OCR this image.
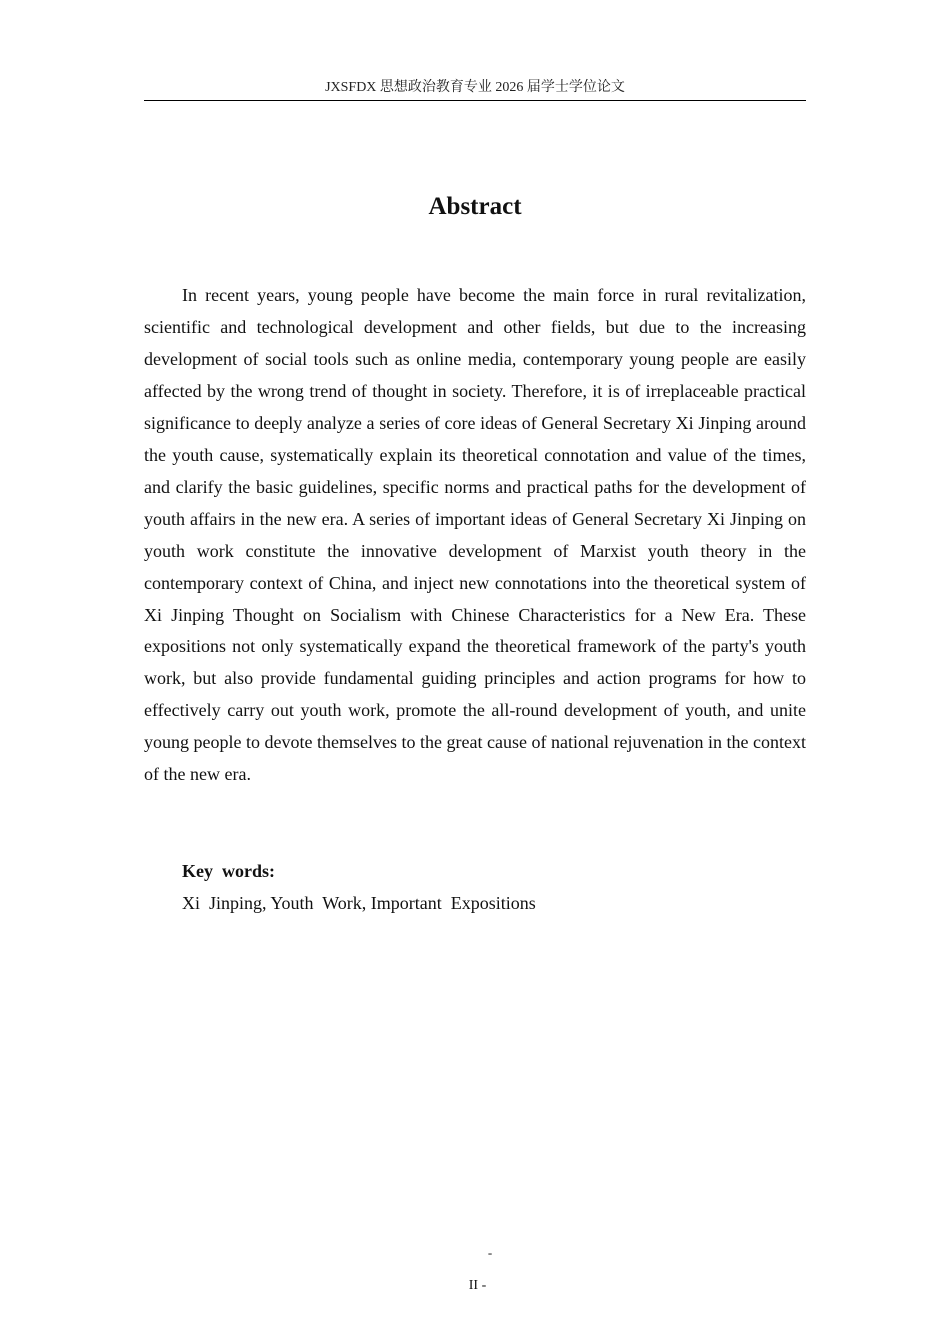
JXSFDX 思想政治教育专业 2026 届学士学位论文
Abstract

In recent years, young people have become the main force in rural revitalization, scientific and technological development and other fields, but due to the increasing development of social tools such as online media, contemporary young people are easily affected by the wrong trend of thought in society. Therefore, it is of irreplaceable practical significance to deeply analyze a series of core ideas of General Secretary Xi Jinping around the youth cause, systematically explain its theoretical connotation and value of the times, and clarify the basic guidelines, specific norms and practical paths for the development of youth affairs in the new era. A series of important ideas of General Secretary Xi Jinping on youth work constitute the innovative development of Marxist youth theory in the contemporary context of China, and inject new connotations into the theoretical system of Xi Jinping Thought on Socialism with Chinese Characteristics for a New Era. These expositions not only systematically expand the theoretical framework of the party's youth work, but also provide fundamental guiding principles and action programs for how to effectively carry out youth work, promote the all-round development of youth, and unite young people to devote themselves to the great cause of national rejuvenation in the context of the new era.

Key  words:
Xi  Jinping, Youth  Work, Important  Expositions
-
II -
